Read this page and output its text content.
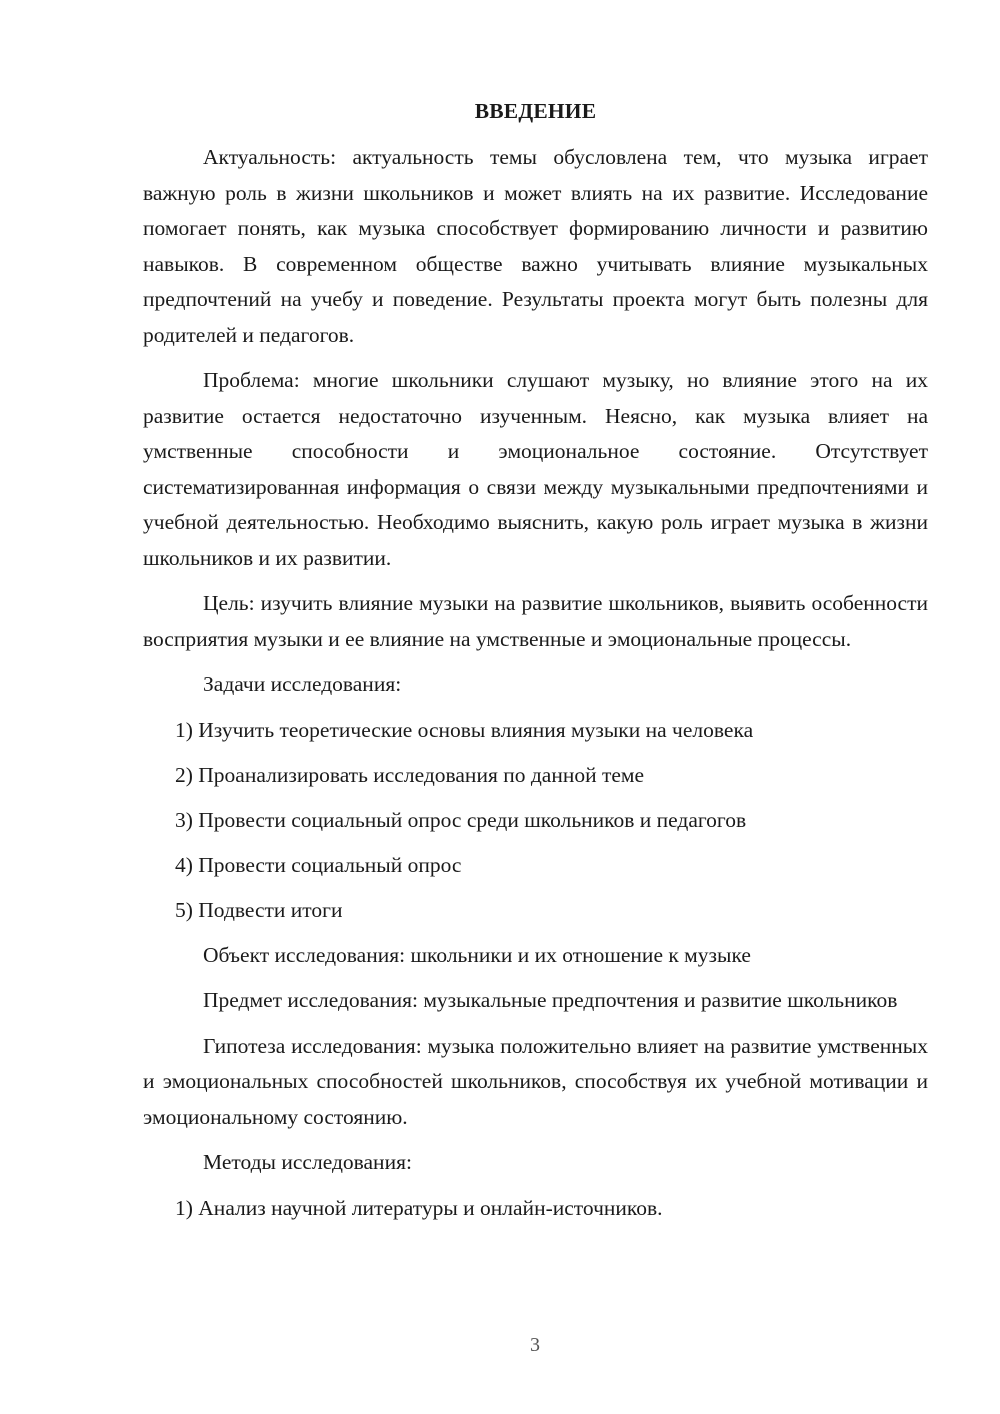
ВВЕДЕНИЕ

Актуальность: актуальность темы обусловлена тем, что музыка играет важную роль в жизни школьников и может влиять на их развитие. Исследование помогает понять, как музыка способствует формированию личности и развитию навыков. В современном обществе важно учитывать влияние музыкальных предпочтений на учебу и поведение. Результаты проекта могут быть полезны для родителей и педагогов.

Проблема: многие школьники слушают музыку, но влияние этого на их развитие остается недостаточно изученным. Неясно, как музыка влияет на умственные способности и эмоциональное состояние. Отсутствует систематизированная информация о связи между музыкальными предпочтениями и учебной деятельностью. Необходимо выяснить, какую роль играет музыка в жизни школьников и их развитии.

Цель: изучить влияние музыки на развитие школьников, выявить особенности восприятия музыки и ее влияние на умственные и эмоциональные процессы.

Задачи исследования:

1) Изучить теоретические основы влияния музыки на человека

2) Проанализировать исследования по данной теме

3) Провести социальный опрос среди школьников и педагогов

4) Провести социальный опрос

5) Подвести итоги

Объект исследования: школьники и их отношение к музыке

Предмет исследования: музыкальные предпочтения и развитие школьников

Гипотеза исследования: музыка положительно влияет на развитие умственных и эмоциональных способностей школьников, способствуя их учебной мотивации и эмоциональному состоянию.

Методы исследования:

1) Анализ научной литературы и онлайн-источников.

3
